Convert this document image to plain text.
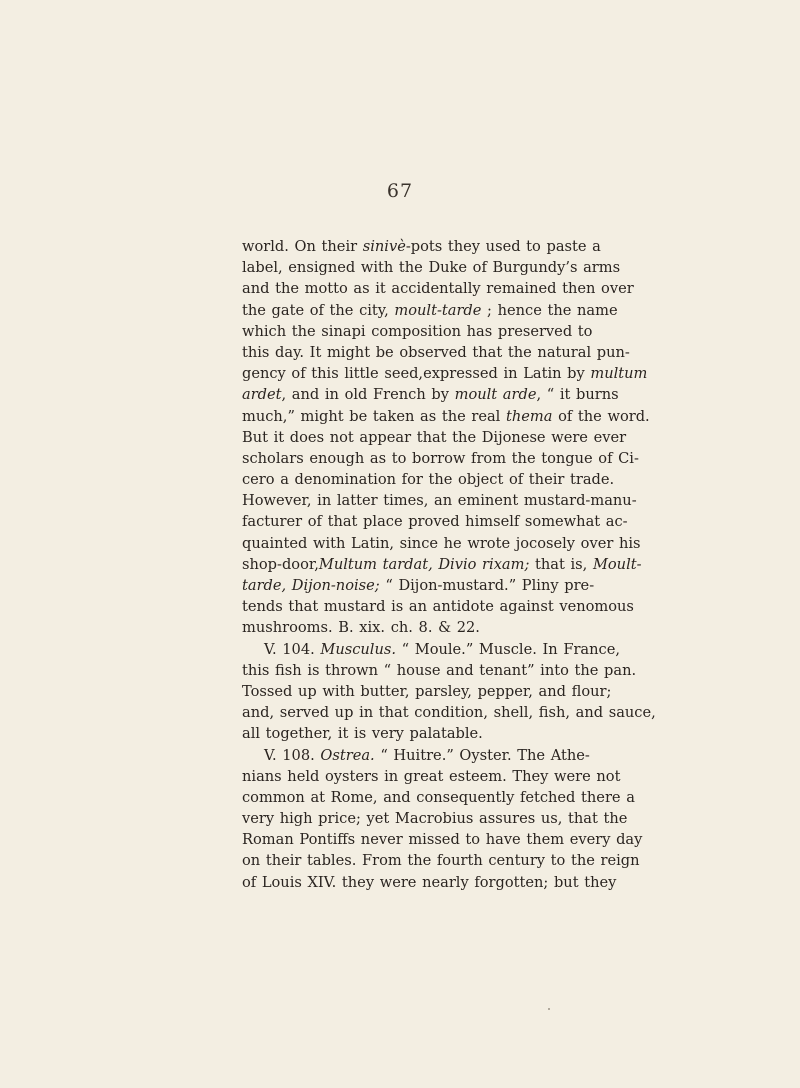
67
world. On their sinivè-pots they used to paste a
label, ensigned with the Duke of Burgundy’s arms
and the motto as it accidentally remained then over
the gate of the city, moult-tarde ; hence the name
which the sinapi composition has preserved to
this day. It might be observed that the natural pun-
gency of this little seed,expressed in Latin by multum
ardet, and in old French by moult arde, “ it burns
much,” might be taken as the real thema of the word.
But it does not appear that the Dijonese were ever
scholars enough as to borrow from the tongue of Ci-
cero a denomination for the object of their trade.
However, in latter times, an eminent mustard-manu-
facturer of that place proved himself somewhat ac-
quainted with Latin, since he wrote jocosely over his
shop-door,Multum tardat, Divio rixam; that is, Moult-
tarde, Dijon-noise; “ Dijon-mustard.” Pliny pre-
tends that mustard is an antidote against venomous
mushrooms. B. xix. ch. 8. & 22.
V. 104. Musculus. “ Moule.” Muscle. In France,
this fish is thrown “ house and tenant” into the pan.
Tossed up with butter, parsley, pepper, and flour;
and, served up in that condition, shell, fish, and sauce,
all together, it is very palatable.
V. 108. Ostrea. “ Huitre.” Oyster. The Athe-
nians held oysters in great esteem. They were not
common at Rome, and consequently fetched there a
very high price; yet Macrobius assures us, that the
Roman Pontiffs never missed to have them every day
on their tables. From the fourth century to the reign
of Louis XIV. they were nearly forgotten; but they
